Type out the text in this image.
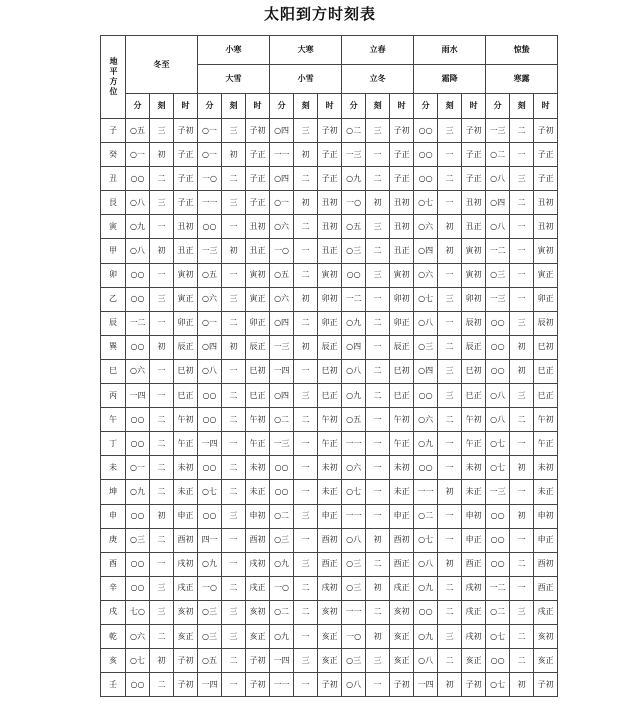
太阳到方时刻表
地平方位	冬至			小寒			大寒			立春			雨水			惊蛰		
				大雪			小雪			立冬			霜降			寒露		
	分	刻	时	分	刻	时	分	刻	时	分	刻	时	分	刻	时	分	刻	时
子	○五	三	子初	○一	三	子初	○四	三	子初	○二	三	子初	○○	三	子初	一三	二	子初
癸	○一	初	子正	○一	初	子正	一一	初	子正	一三	一	子正	○○	一	子正	○二	一	子正
丑	○○	二	子正	一○	二	子正	○四	二	子正	○九	二	子正	○○	二	子正	○八	三	子正
艮	○八	三	子正	一一	三	子正	○一	初	丑初	一○	初	丑初	○七	一	丑初	○四	二	丑初
寅	○九	一	丑初	○○	一	丑初	○六	二	丑初	○五	三	丑初	○六	初	丑正	○八	一	丑初
甲	○八	初	丑正	一三	初	丑正	一○	一	丑正	○三	二	丑正	○四	初	寅初	一二	一	寅初
卯	○○	一	寅初	○五	一	寅初	○五	二	寅初	○○	三	寅初	○六	一	寅初	○三	一	寅正
乙	○○	三	寅正	○六	三	寅正	○六	初	卯初	一二	一	卯初	○七	三	卯初	一三	一	卯正
辰	一二	一	卯正	○一	二	卯正	○四	二	卯正	○九	二	卯正	○八	一	辰初	○○	三	辰初
巽	○○	初	辰正	○四	初	辰正	一三	初	辰正	○四	一	辰正	○三	二	辰正	○○	初	巳初
巳	○六	一	巳初	○八	一	巳初	一四	一	巳初	○八	二	巳初	○四	三	巳初	○○	初	巳正
丙	一四	一	巳正	○○	二	巳正	○四	三	巳正	○九	二	巳正	○○	三	巳正	○八	三	巳正
午	○○	二	午初	○○	二	午初	○二	二	午初	○五	一	午初	○六	二	午初	○八	二	午初
丁	○○	二	午正	一四	一	午正	一三	一	午正	一一	一	午正	○九	一	午正	○七	一	午正
未	○一	二	未初	○○	二	未初	○○	一	未初	○六	一	未初	○○	一	未初	○七	初	未初
坤	○九	二	未正	○七	二	未正	○○	一	未正	○七	一	未正	一一	初	未正	一三	一	未正
申	○○	初	申正	○○	三	申初	○二	三	申正	一一	一	申正	○二	一	申初	○○	初	申初
庚	○三	二	酉初	四一	一	酉初	○三	一	酉初	○八	初	酉初	○七	一	申正	○○	一	申正
酉	○○	一	戌初	○九	一	戌初	○九	三	酉正	○三	二	酉正	○八	初	酉正	○○	二	酉初
辛	○○	三	戌正	一○	二	戌正	一○	二	戌初	○三	初	戌正	○九	二	戌初	一二	一	酉正
戌	七○	三	亥初	○三	三	亥初	○二	二	亥初	一一	二	亥初	○○	二	戌正	○二	三	戌正
乾	○六	二	亥正	○三	三	亥正	○九	一	亥正	一○	初	亥正	○九	三	戌初	○七	二	亥初
亥	○七	初	子初	○五	二	子初	一四	三	亥正	○三	三	亥正	○八	二	亥正	○○	二	亥正
壬	○○	二	子初	一四	一	子初	一一	一	子初	○八	一	子初	一四	初	子初	○七	初	子初
